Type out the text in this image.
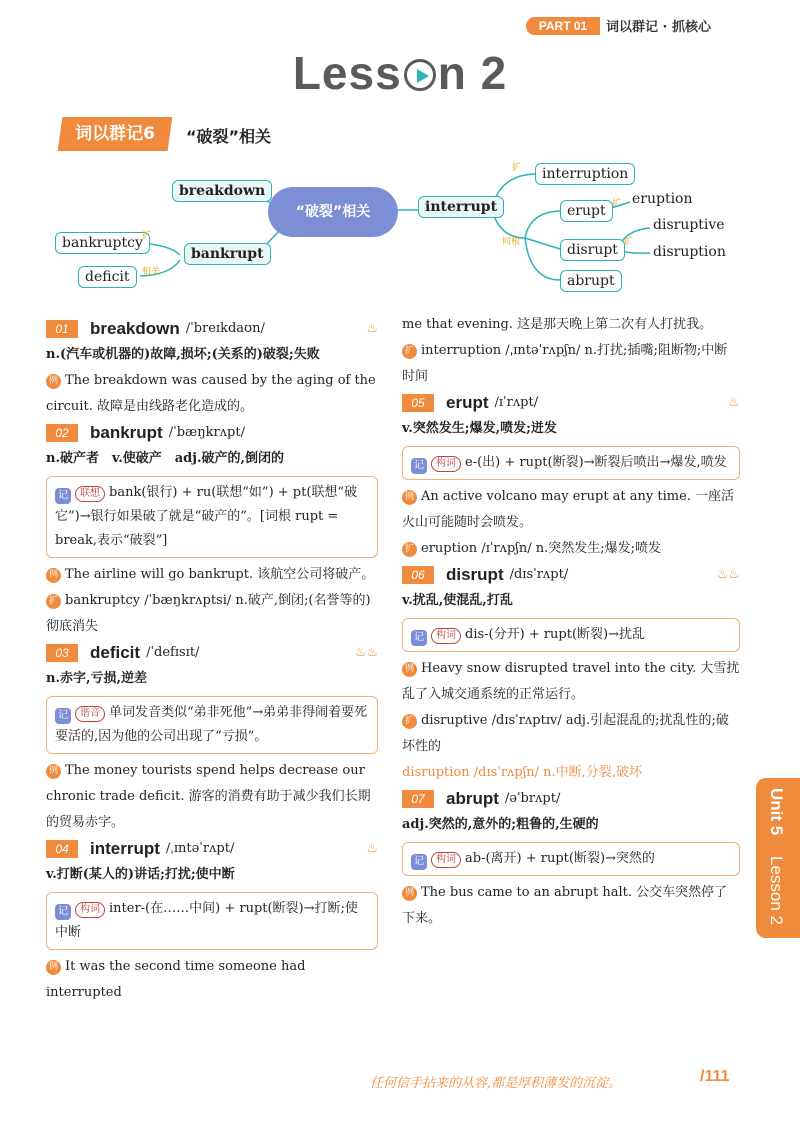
PART 01	词以群记 · 抓核心
Less n 2
词以群记6	“破裂”相关
breakdown
“破裂”相关	interrupt
bankrupt
bankruptcy
deficit
扩
相关
interruption
扩
erupt
eruption
扩
同根	disrupt 扩
disruptive
disruption
abrupt
01	breakdown /ˈbreɪkdaʊn/	♨
n.(汽车或机器的)故障,损坏;(关系的)破裂;失败
例 The breakdown was caused by the aging of the circuit. 故障是由线路老化造成的。
02	bankrupt /ˈbæŋkrʌpt/
n.破产者　v.使破产　adj.破产的,倒闭的
记 联想 bank(银行) + ru(联想“如”) + pt(联想“破它”)→银行如果破了就是“破产的”。[词根 rupt = break,表示“破裂”]
例 The airline will go bankrupt. 该航空公司将破产。
扩 bankruptcy /ˈbæŋkrʌptsi/ n.破产,倒闭;(名誉等的)彻底消失
03	deficit /ˈdefɪsɪt/	♨♨
n.赤字,亏损,逆差
记 谐音 单词发音类似“弟非死他”→弟弟非得闹着要死要活的,因为他的公司出现了“亏损”。
例 The money tourists spend helps decrease our chronic trade deficit. 游客的消费有助于减少我们长期的贸易赤字。
04	interrupt /ˌɪntəˈrʌpt/	♨
v.打断(某人的)讲话;打扰;使中断
记 构词 inter-(在……中间) + rupt(断裂)→打断;使中断
例 It was the second time someone had interrupted
me that evening. 这是那天晚上第二次有人打扰我。
扩 interruption /ˌɪntəˈrʌpʃn/ n.打扰;插嘴;阻断物;中断时间
05	erupt /ɪˈrʌpt/	♨
v.突然发生;爆发,喷发;迸发
记 构词 e-(出) + rupt(断裂)→断裂后喷出→爆发,喷发
例 An active volcano may erupt at any time. 一座活火山可能随时会喷发。
扩 eruption /ɪˈrʌpʃn/ n.突然发生;爆发;喷发
06	disrupt /dɪsˈrʌpt/	♨♨
v.扰乱,使混乱,打乱
记 构词 dis-(分开) + rupt(断裂)→扰乱
例 Heavy snow disrupted travel into the city. 大雪扰乱了入城交通系统的正常运行。
扩 disruptive /dɪsˈrʌptɪv/ adj.引起混乱的;扰乱性的;破坏性的
disruption /dɪsˈrʌpʃn/ n.中断,分裂,破坏
07	abrupt /əˈbrʌpt/
adj.突然的,意外的;粗鲁的,生硬的
记 构词 ab-(离开) + rupt(断裂)→突然的
例 The bus came to an abrupt halt. 公交车突然停了下来。
Unit 5
Lesson 2
任何信手拈来的从容,都是厚积薄发的沉淀。	/111
